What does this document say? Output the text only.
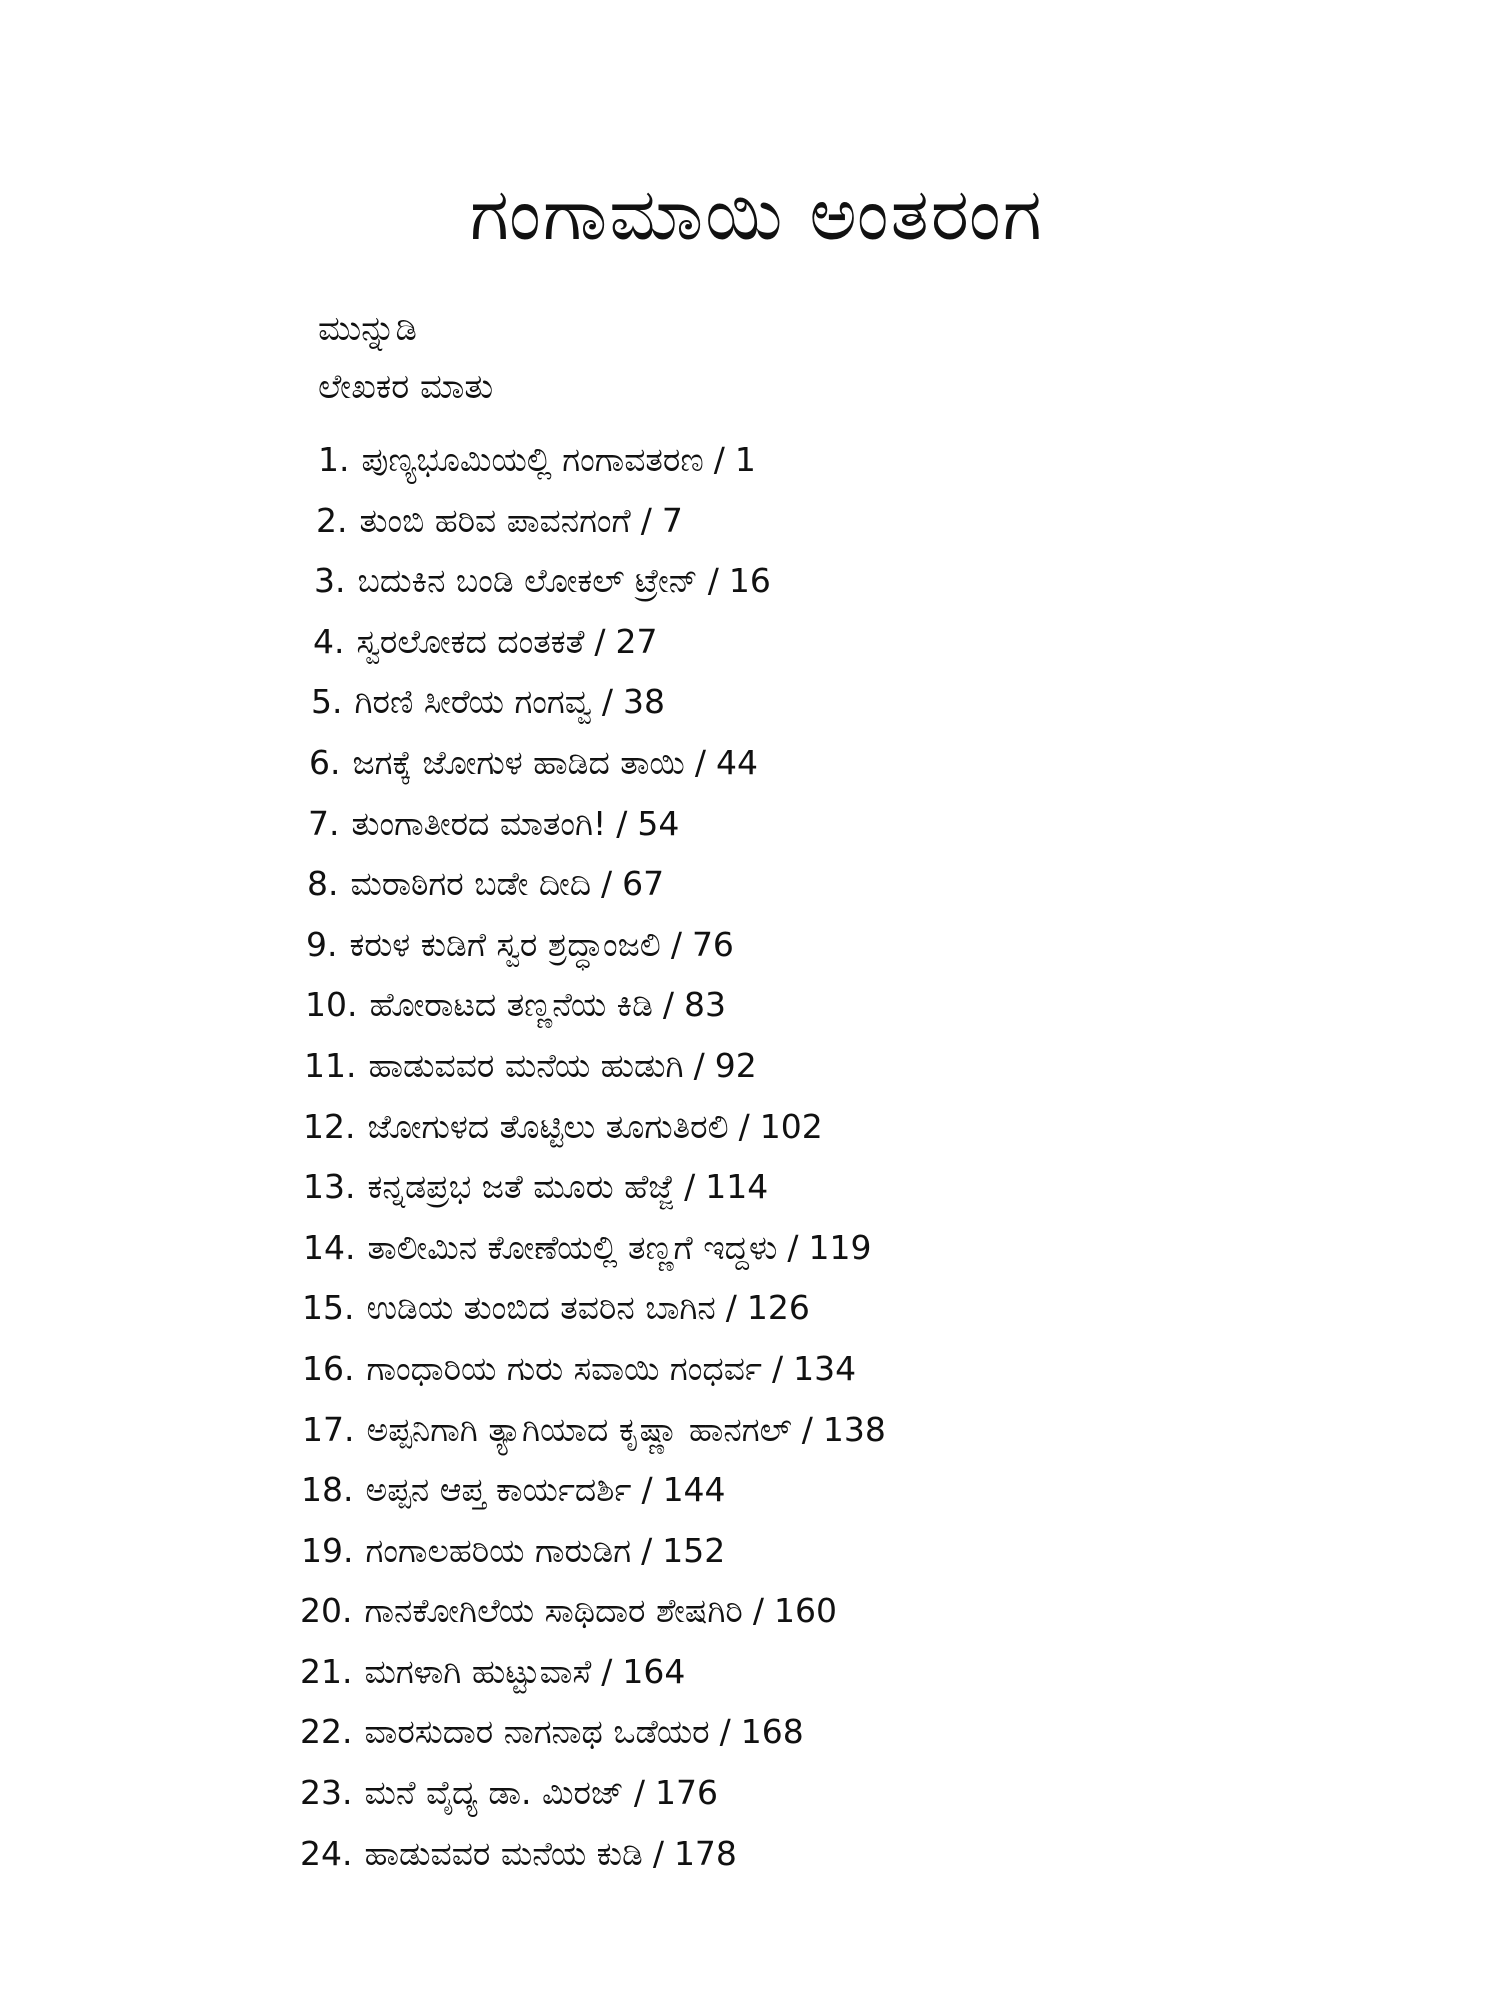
ಗಂಗಾಮಾಯಿ ಅಂತರಂಗ
ಮುನ್ನುಡಿ
ಲೇಖಕರ ಮಾತು
1. ಪುಣ್ಯಭೂಮಿಯಲ್ಲಿ ಗಂಗಾವತರಣ / 1
2. ತುಂಬಿ ಹರಿವ ಪಾವನಗಂಗೆ / 7
3. ಬದುಕಿನ ಬಂಡಿ ಲೋಕಲ್ ಟ್ರೇನ್ / 16
4. ಸ್ವರಲೋಕದ ದಂತಕತೆ / 27
5. ಗಿರಣಿ ಸೀರೆಯ ಗಂಗವ್ವ / 38
6. ಜಗಕ್ಕೆ ಜೋಗುಳ ಹಾಡಿದ ತಾಯಿ / 44
7. ತುಂಗಾತೀರದ ಮಾತಂಗಿ! / 54
8. ಮರಾಠಿಗರ ಬಡೇ ದೀದಿ / 67
9. ಕರುಳ ಕುಡಿಗೆ ಸ್ವರ ಶ್ರದ್ಧಾಂಜಲಿ / 76
10. ಹೋರಾಟದ ತಣ್ಣನೆಯ ಕಿಡಿ / 83
11. ಹಾಡುವವರ ಮನೆಯ ಹುಡುಗಿ / 92
12. ಜೋಗುಳದ ತೊಟ್ಟಿಲು ತೂಗುತಿರಲಿ / 102
13. ಕನ್ನಡಪ್ರಭ ಜತೆ ಮೂರು ಹೆಜ್ಜೆ / 114
14. ತಾಲೀಮಿನ ಕೋಣೆಯಲ್ಲಿ ತಣ್ಣಗೆ ಇದ್ದಳು / 119
15. ಉಡಿಯ ತುಂಬಿದ ತವರಿನ ಬಾಗಿನ / 126
16. ಗಾಂಧಾರಿಯ ಗುರು ಸವಾಯಿ ಗಂಧರ್ವ / 134
17. ಅಪ್ಪನಿಗಾಗಿ ತ್ಯಾಗಿಯಾದ ಕೃಷ್ಣಾ ಹಾನಗಲ್ / 138
18. ಅಪ್ಪನ ಆಪ್ತ ಕಾರ್ಯದರ್ಶಿ / 144
19. ಗಂಗಾಲಹರಿಯ ಗಾರುಡಿಗ / 152
20. ಗಾನಕೋಗಿಲೆಯ ಸಾಥಿದಾರ ಶೇಷಗಿರಿ / 160
21. ಮಗಳಾಗಿ ಹುಟ್ಟುವಾಸೆ / 164
22. ವಾರಸುದಾರ ನಾಗನಾಥ ಒಡೆಯರ / 168
23. ಮನೆ ವೈದ್ಯ ಡಾ. ಮಿರಜ್ / 176
24. ಹಾಡುವವರ ಮನೆಯ ಕುಡಿ / 178
